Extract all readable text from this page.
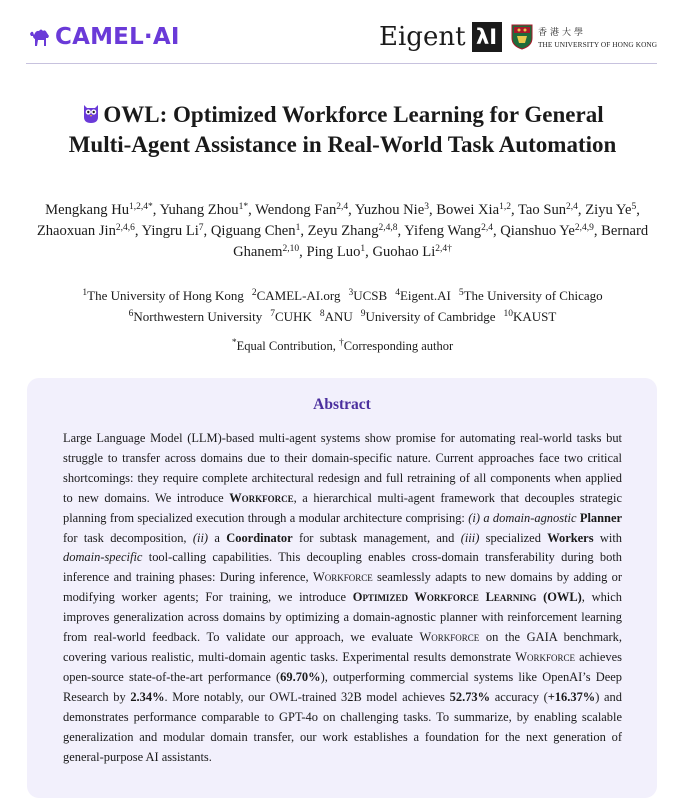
CAMEL·AI	Eigent λI	香港大學
THE UNIVERSITY OF HONG KONG
OWL: Optimized Workforce Learning for General
Multi-Agent Assistance in Real-World Task Automation
Mengkang $Hu^{1,2,4*}$, Yuhang Zhou$^{1*}$, Wendong Fan$^{2,4}$, Yuzhou Nie$^3$, Bowei Xia$^{1,2}$, Tao Sun$^{2,4}$, Ziyu Ye$^5$, Zhaoxuan Jin$^{2,4,6}$, Yingru Li$^7$, Qiguang Chen$^1$, Zeyu Zhang$^{2,4,8}$, Yifeng Wang$^{2,4}$, Qianshuo Ye$^{2,4,9}$, Bernard Ghanem$^{2,10}$, Ping Luo$^1$, Guohao $Li^{2,4\dagger}$
$^1$The University of Hong Kong $^2$CAMEL-AI.org $^3$UCSB $^4$Eigent.AI $^5$The University of Chicago
$^6$Northwestern University $^7$CUHK $^8$ANU $^9$University of Cambridge $^{10}$KAUST
*Equal Contribution, †Corresponding author
Abstract
Large Language Model (LLM)-based multi-agent systems show promise for automating real-world tasks but struggle to transfer across domains due to their domain-specific nature. Current approaches face two critical shortcomings: they require complete architectural redesign and full retraining of all components when applied to new domains. We introduce Workforce, a hierarchical multi-agent framework that decouples strategic planning from specialized execution through a modular architecture comprising: (i) a domain-agnostic Planner for task decomposition, (ii) a Coordinator for subtask management, and (iii) specialized Workers with domain-specific tool-calling capabilities. This decoupling enables cross-domain transferability during both inference and training phases: During inference, Workforce seamlessly adapts to new domains by adding or modifying worker agents; For training, we introduce Optimized Workforce Learning (OWL), which improves generalization across domains by optimizing a domain-agnostic planner with reinforcement learning from real-world feedback. To validate our approach, we evaluate Workforce on the GAIA benchmark, covering various realistic, multi-domain agentic tasks. Experimental results demonstrate Workforce achieves open-source state-of-the-art performance (69.70%), outperforming commercial systems like OpenAI’s Deep Research by 2.34%. More notably, our OWL-trained 32B model achieves 52.73% accuracy (+16.37%) and demonstrates performance comparable to GPT-4o on challenging tasks. To summarize, by enabling scalable generalization and modular domain transfer, our work establishes a foundation for the next generation of general-purpose AI assistants.
